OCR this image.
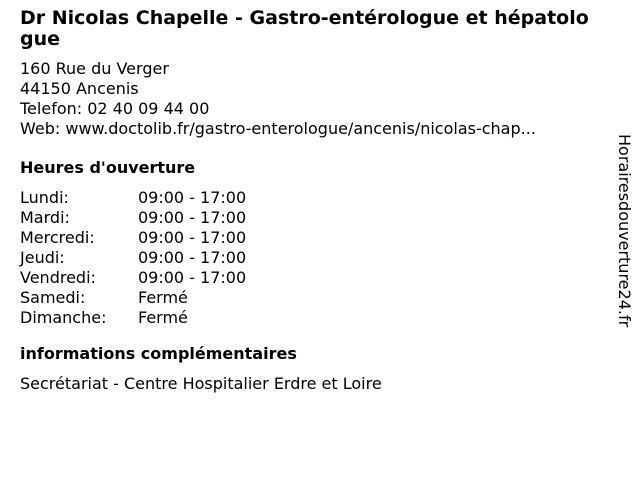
Dr Nicolas Chapelle - Gastro-entérologue et hépatologue
160 Rue du Verger
44150 Ancenis
Telefon: 02 40 09 44 00
Web: www.doctolib.fr/gastro-enterologue/ancenis/nicolas-chap...
Heures d'ouverture
Lundi:	09:00 - 17:00
Mardi:	09:00 - 17:00
Mercredi:	09:00 - 17:00
Jeudi:	09:00 - 17:00
Vendredi:	09:00 - 17:00
Samedi:	Fermé
Dimanche:	Fermé
informations complémentaires
Secrétariat - Centre Hospitalier Erdre et Loire
Horairesdouverture24.fr
